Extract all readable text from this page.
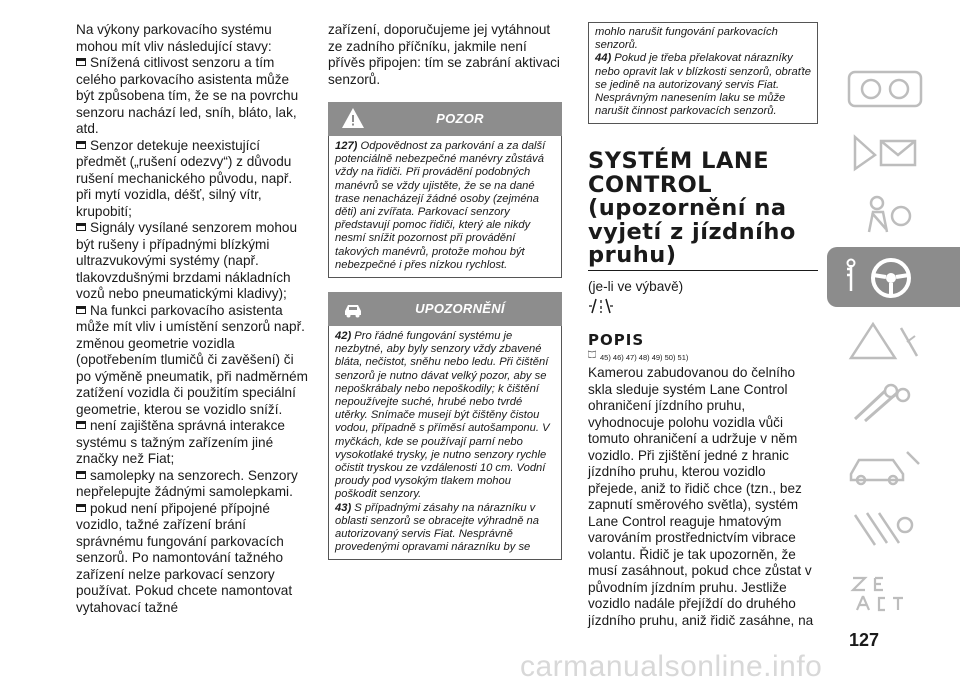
Na výkony parkovacího systému mohou mít vliv následující stavy:

Snížená citlivost senzoru a tím celého parkovacího asistenta může být způsobena tím, že se na povrchu senzoru nachází led, sníh, bláto, lak, atd.

Senzor detekuje neexistující předmět („rušení odezvy“) z důvodu rušení mechanického původu, např. při mytí vozidla, déšť, silný vítr, krupobití;

Signály vysílané senzorem mohou být rušeny i případnými blízkými ultrazvukovými systémy (např. tlakovzdušnými brzdami nákladních vozů nebo pneumatickými kladivy);

Na funkci parkovacího asistenta může mít vliv i umístění senzorů např. změnou geometrie vozidla (opotřebením tlumičů či zavěšení) či po výměně pneumatik, při nadměrném zatížení vozidla či použitím speciální geometrie, kterou se vozidlo sníží.

není zajištěna správná interakce systému s tažným zařízením jiné značky než Fiat;

samolepky na senzorech. Senzory nepřelepujte žádnými samolepkami.

pokud není připojené přípojné vozidlo, tažné zařízení brání správnému fungování parkovacích senzorů. Po namontování tažného zařízení nelze parkovací senzory používat. Pokud chcete namontovat vytahovací tažné

zařízení, doporučujeme jej vytáhnout ze zadního příčníku, jakmile není přívěs připojen: tím se zabrání aktivaci senzorů.

POZOR

127) Odpovědnost za parkování a za další potenciálně nebezpečné manévry zůstává vždy na řidiči. Při provádění podobných manévrů se vždy ujistěte, že se na dané trase nenacházejí žádné osoby (zejména děti) ani zvířata. Parkovací senzory představují pomoc řidiči, který ale nikdy nesmí snížit pozornost při provádění takových manévrů, protože mohou být nebezpečné i přes nízkou rychlost.

UPOZORNĚNÍ

42) Pro řádné fungování systému je nezbytné, aby byly senzory vždy zbavené bláta, nečistot, sněhu nebo ledu. Při čištění senzorů je nutno dávat velký pozor, aby se nepoškrábaly nebo nepoškodily; k čištění nepoužívejte suché, hrubé nebo tvrdé utěrky. Snímače musejí být čištěny čistou vodou, případně s příměsí autošamponu. V myčkách, kde se používají parní nebo vysokotlaké trysky, je nutno senzory rychle očistit tryskou ze vzdálenosti 10 cm. Vodní proudy pod vysokým tlakem mohou poškodit senzory.

43) S případnými zásahy na nárazníku v oblasti senzorů se obracejte výhradně na autorizovaný servis Fiat. Nesprávně provedenými opravami nárazníku by se

mohlo narušit fungování parkovacích senzorů.

44) Pokud je třeba přelakovat nárazníky nebo opravit lak v blízkosti senzorů, obraťte se jedině na autorizovaný servis Fiat. Nesprávným nanesením laku se může narušit činnost parkovacích senzorů.

SYSTÉM LANE
CONTROL
(upozornění na
vyjetí z jízdního
pruhu)
(je-li ve výbavě)
POPIS
45) 46) 47) 48) 49) 50) 51)

Kamerou zabudovanou do čelního skla sleduje systém Lane Control ohraničení jízdního pruhu, vyhodnocuje polohu vozidla vůči tomuto ohraničení a udržuje v něm vozidlo. Při zjištění jedné z hranic jízdního pruhu, kterou vozidlo přejede, aniž to řidič chce (tzn., bez zapnutí směrového světla), systém Lane Control reaguje hmatovým varováním prostřednictvím vibrace volantu. Řidič je tak upozorněn, že musí zasáhnout, pokud chce zůstat v původním jízdním pruhu. Jestliže vozidlo nadále přejíždí do druhého jízdního pruhu, aniž řidič zasáhne, na

127
carmanualsonline.info
